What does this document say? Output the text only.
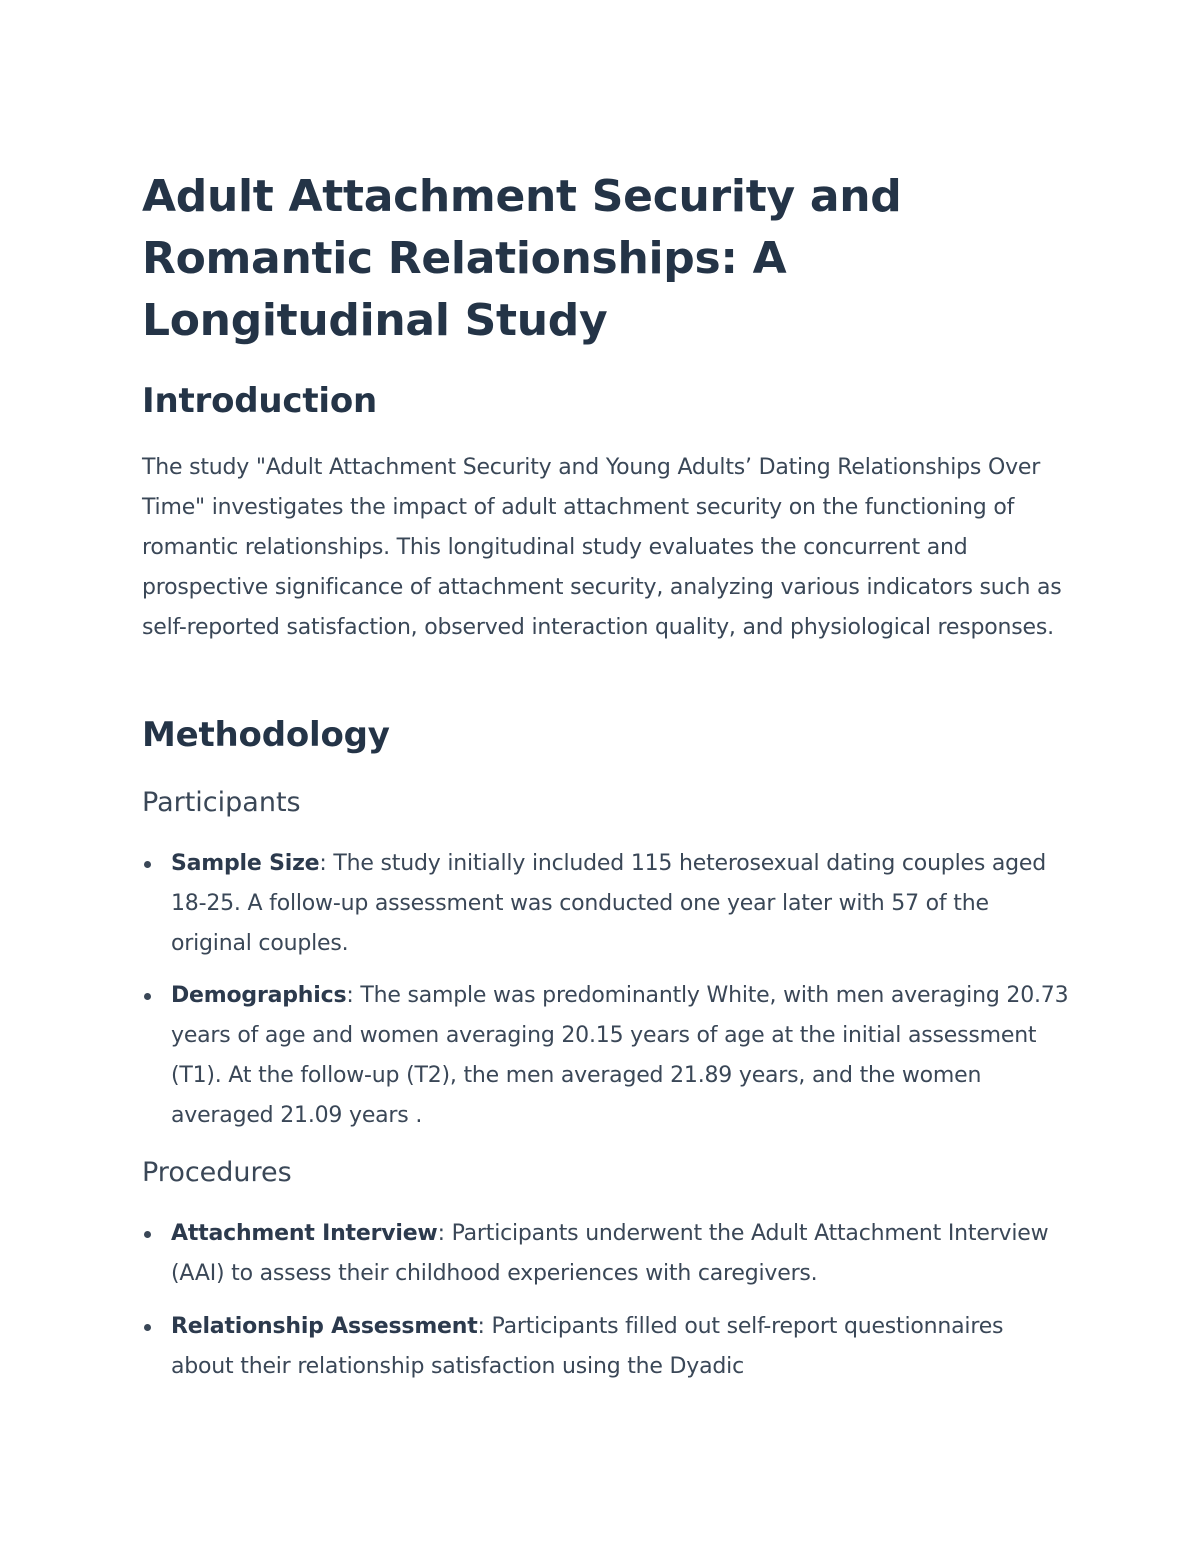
Adult Attachment Security and Romantic Relationships: A Longitudinal Study
Introduction

The study "Adult Attachment Security and Young Adults’ Dating Relationships Over Time" investigates the impact of adult attachment security on the functioning of romantic relationships. This longitudinal study evaluates the concurrent and prospective significance of attachment security, analyzing various indicators such as self-reported satisfaction, observed interaction quality, and physiological responses.

Methodology
Participants
Sample Size: The study initially included 115 heterosexual dating couples aged 18-25. A follow-up assessment was conducted one year later with 57 of the original couples.
Demographics: The sample was predominantly White, with men averaging 20.73 years of age and women averaging 20.15 years of age at the initial assessment (T1). At the follow-up (T2), the men averaged 21.89 years, and the women averaged 21.09 years .
Procedures
Attachment Interview: Participants underwent the Adult Attachment Interview (AAI) to assess their childhood experiences with caregivers.
Relationship Assessment: Participants filled out self-report questionnaires about their relationship satisfaction using the Dyadic
